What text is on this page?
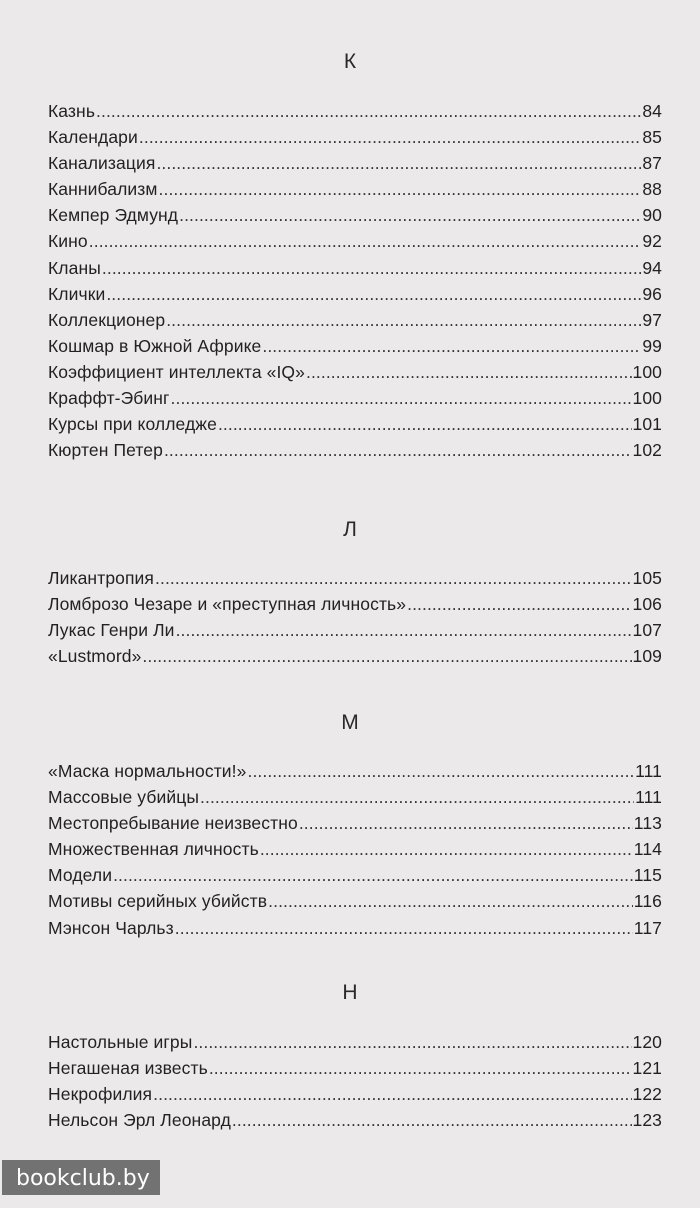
К
Казнь .....	84
Календари .....	85
Канализация .....	87
Каннибализм .....	88
Кемпер Эдмунд .....	90
Кино .....	92
Кланы .....	94
Клички .....	96
Коллекционер .....	97
Кошмар в Южной Африке .....	99
Коэффициент интеллекта «IQ» .....	100
Краффт-Эбинг .....	100
Курсы при колледже .....	101
Кюртен Петер .....	102
Л
Ликантропия .....	105
Ломброзо Чезаре и «преступная личность» .....	106
Лукас Генри Ли .....	107
«Lustmord» .....	109
М
«Маска нормальности!» .....	111
Массовые убийцы .....	111
Местопребывание неизвестно .....	113
Множественная личность .....	114
Модели .....	115
Мотивы серийных убийств .....	116
Мэнсон Чарльз .....	117
Н
Настольные игры .....	120
Негашеная известь .....	121
Некрофилия .....	122
Нельсон Эрл Леонард .....	123
bookclub.by
